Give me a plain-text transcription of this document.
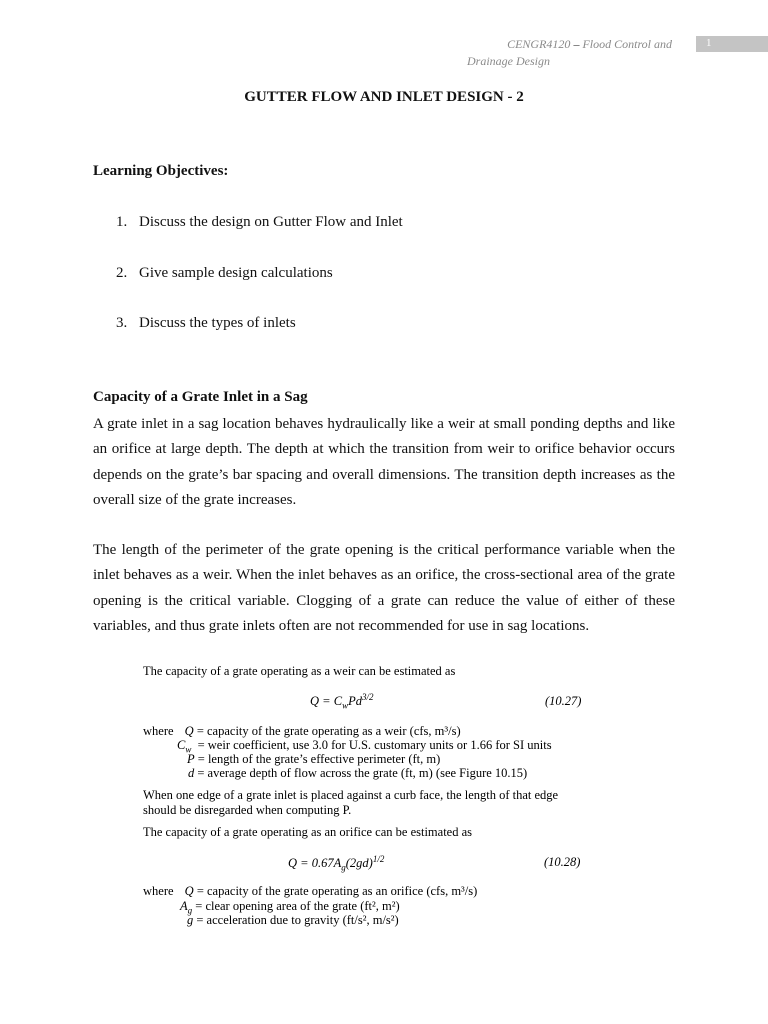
CENGR4120 – Flood Control and
Drainage Design
1
GUTTER FLOW AND INLET DESIGN - 2
Learning Objectives:
1. Discuss the design on Gutter Flow and Inlet
2. Give sample design calculations
3. Discuss the types of inlets
Capacity of a Grate Inlet in a Sag
A grate inlet in a sag location behaves hydraulically like a weir at small ponding depths and like an orifice at large depth. The depth at which the transition from weir to orifice behavior occurs depends on the grate’s bar spacing and overall dimensions. The transition depth increases as the overall size of the grate increases.
The length of the perimeter of the grate opening is the critical performance variable when the inlet behaves as a weir. When the inlet behaves as an orifice, the cross-sectional area of the grate opening is the critical variable. Clogging of a grate can reduce the value of either of these variables, and thus grate inlets often are not recommended for use in sag locations.
The capacity of a grate operating as a weir can be estimated as
$Q = C_wPd^{3/2}$	(10.27)
where Q = capacity of the grate operating as a weir (cfs, m³/s)
$C_w$ = weir coefficient, use 3.0 for U.S. customary units or 1.66 for SI units
P = length of the grate’s effective perimeter (ft, m)
d = average depth of flow across the grate (ft, m) (see Figure 10.15)
When one edge of a grate inlet is placed against a curb face, the length of that edge
should be disregarded when computing P.
The capacity of a grate operating as an orifice can be estimated as
$Q = 0.67A_g(2gd)^{1/2}$	(10.28)
where Q = capacity of the grate operating as an orifice (cfs, m³/s)
$A_g$ = clear opening area of the grate (ft², m²)
g = acceleration due to gravity (ft/s², m/s²)
